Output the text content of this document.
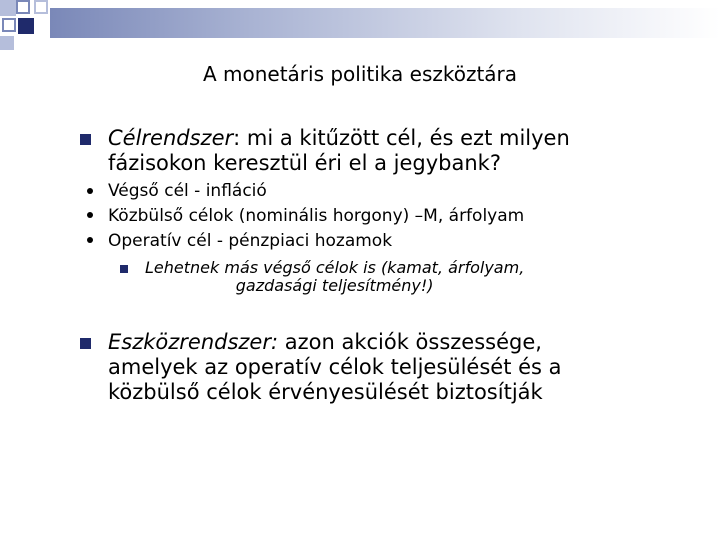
A monetáris politika eszköztára
Célrendszer: mi a kitűzött cél, és ezt milyen
fázisokon keresztül éri el a jegybank?
Végső cél - infláció
Közbülső célok (nominális horgony) –M, árfolyam
Operatív cél - pénzpiaci hozamok
Lehetnek más végső célok is (kamat, árfolyam,
gazdasági teljesítmény!)
Eszközrendszer: azon akciók összessége,
amelyek az operatív célok teljesülését és a
közbülső célok érvényesülését biztosítják
